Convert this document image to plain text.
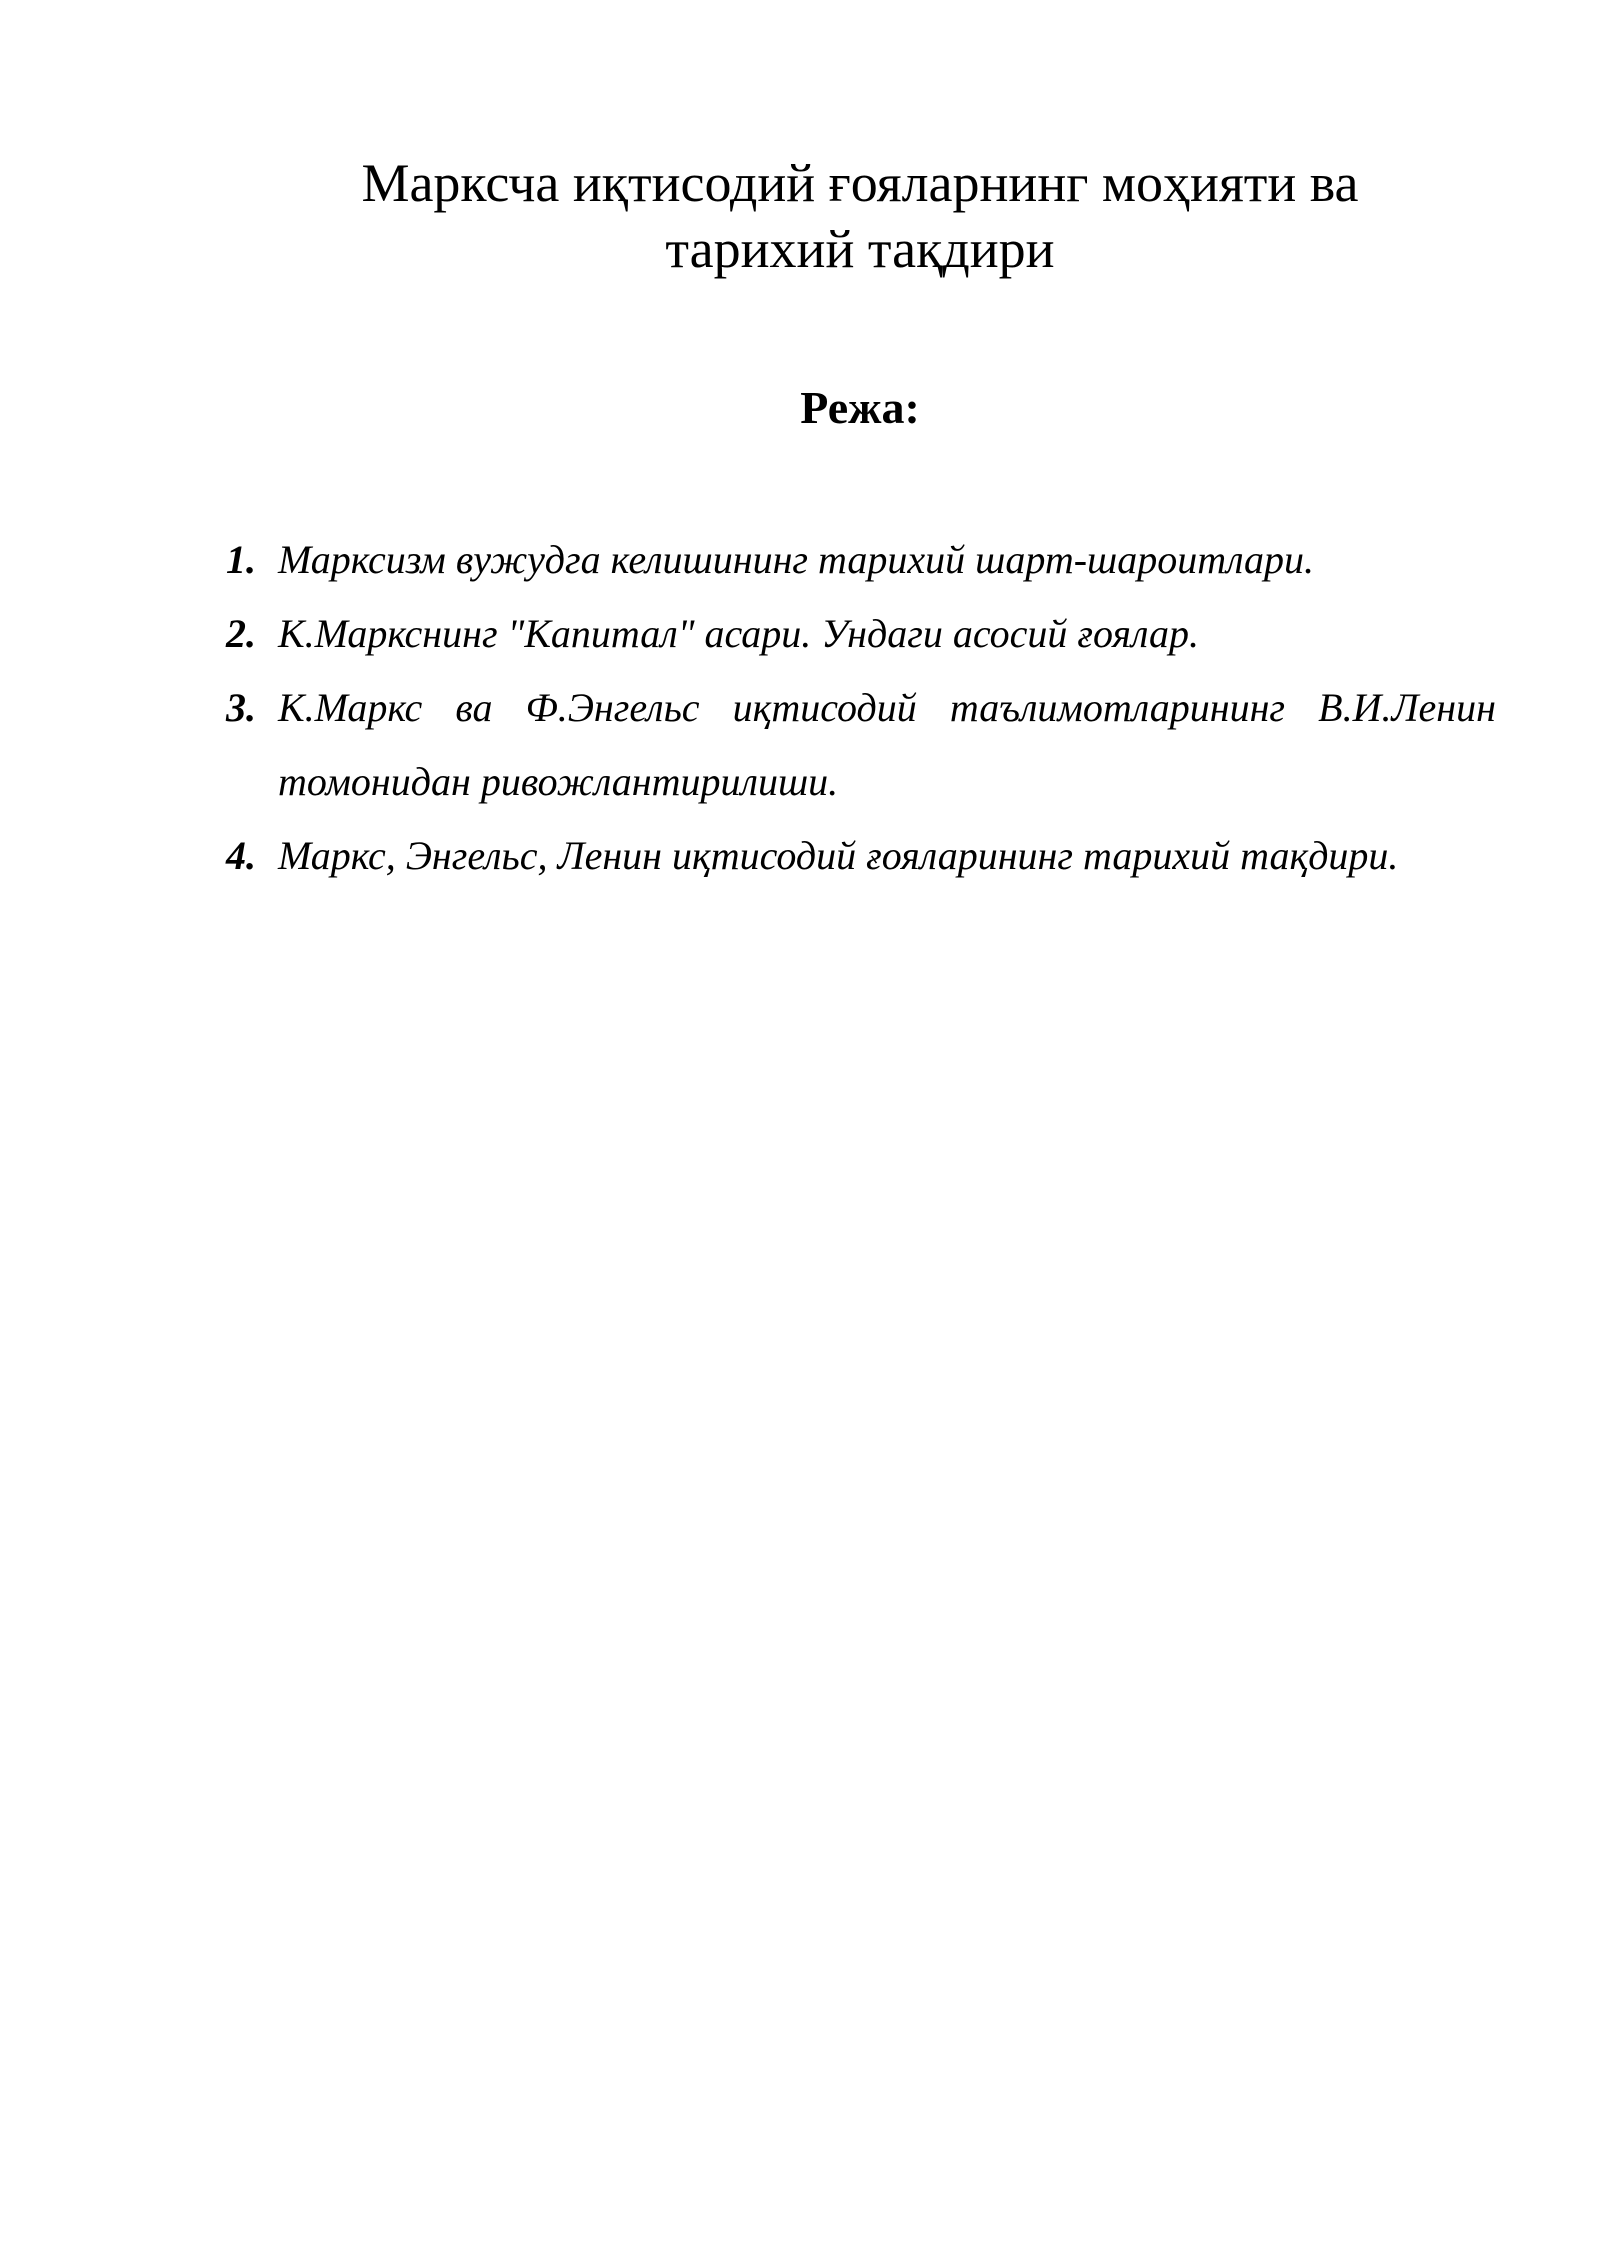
Марксча иқтисодий ғояларнинг моҳияти ва
тарихий тақдири
Режа:
1. Марксизм вужудга келишининг тарихий шарт-шароитлари.
2. К.Маркснинг "Капитал" асари. Ундаги асосий ғоялар.
3. К.Маркс ва Ф.Энгельс иқтисодий таълимотларининг В.И.Ленин томонидан ривожлантирилиши.
4. Маркс, Энгельс, Ленин иқтисодий ғояларининг тарихий тақдири.
